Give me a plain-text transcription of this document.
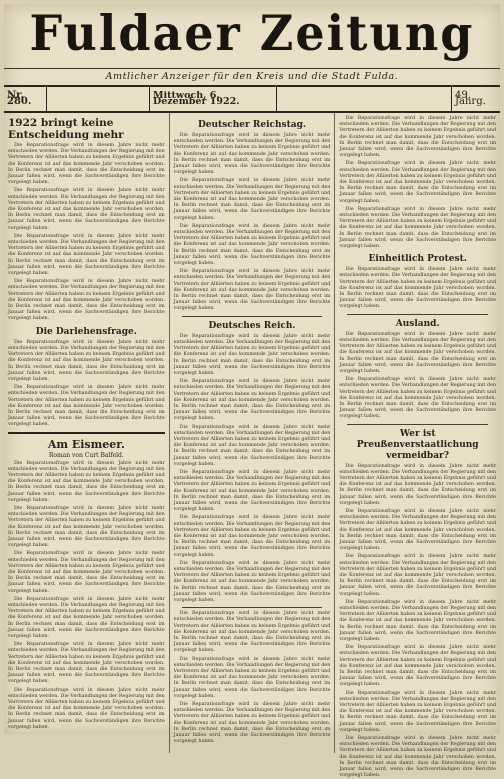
Fuldaer Zeitung
Amtlicher Anzeiger für den Kreis und die Stadt Fulda.
Nr. 280.
Mittwoch, 6. Dezember 1922.
49. Jahrg.
1922 bringt keine Entscheidung mehr

Die Reparationsfrage wird in diesem Jahre nicht mehr entschieden werden. Die Verhandlungen der Regierung mit den Vertretern der Alliierten haben zu keinem Ergebnis geführt und die Konferenz ist auf das kommende Jahr verschoben worden. In Berlin rechnet man damit, dass die Entscheidung erst im Januar fallen wird, wenn die Sachverständigen ihre Berichte vorgelegt haben.

Die Reparationsfrage wird in diesem Jahre nicht mehr entschieden werden. Die Verhandlungen der Regierung mit den Vertretern der Alliierten haben zu keinem Ergebnis geführt und die Konferenz ist auf das kommende Jahr verschoben worden. In Berlin rechnet man damit, dass die Entscheidung erst im Januar fallen wird, wenn die Sachverständigen ihre Berichte vorgelegt haben.

Die Reparationsfrage wird in diesem Jahre nicht mehr entschieden werden. Die Verhandlungen der Regierung mit den Vertretern der Alliierten haben zu keinem Ergebnis geführt und die Konferenz ist auf das kommende Jahr verschoben worden. In Berlin rechnet man damit, dass die Entscheidung erst im Januar fallen wird, wenn die Sachverständigen ihre Berichte vorgelegt haben.

Die Reparationsfrage wird in diesem Jahre nicht mehr entschieden werden. Die Verhandlungen der Regierung mit den Vertretern der Alliierten haben zu keinem Ergebnis geführt und die Konferenz ist auf das kommende Jahr verschoben worden. In Berlin rechnet man damit, dass die Entscheidung erst im Januar fallen wird, wenn die Sachverständigen ihre Berichte vorgelegt haben.

Die Darlehensfrage.

Die Reparationsfrage wird in diesem Jahre nicht mehr entschieden werden. Die Verhandlungen der Regierung mit den Vertretern der Alliierten haben zu keinem Ergebnis geführt und die Konferenz ist auf das kommende Jahr verschoben worden. In Berlin rechnet man damit, dass die Entscheidung erst im Januar fallen wird, wenn die Sachverständigen ihre Berichte vorgelegt haben.

Die Reparationsfrage wird in diesem Jahre nicht mehr entschieden werden. Die Verhandlungen der Regierung mit den Vertretern der Alliierten haben zu keinem Ergebnis geführt und die Konferenz ist auf das kommende Jahr verschoben worden. In Berlin rechnet man damit, dass die Entscheidung erst im Januar fallen wird, wenn die Sachverständigen ihre Berichte vorgelegt haben.

Am Eismeer.
Roman von Curt Balfeld.

Die Reparationsfrage wird in diesem Jahre nicht mehr entschieden werden. Die Verhandlungen der Regierung mit den Vertretern der Alliierten haben zu keinem Ergebnis geführt und die Konferenz ist auf das kommende Jahr verschoben worden. In Berlin rechnet man damit, dass die Entscheidung erst im Januar fallen wird, wenn die Sachverständigen ihre Berichte vorgelegt haben.

Die Reparationsfrage wird in diesem Jahre nicht mehr entschieden werden. Die Verhandlungen der Regierung mit den Vertretern der Alliierten haben zu keinem Ergebnis geführt und die Konferenz ist auf das kommende Jahr verschoben worden. In Berlin rechnet man damit, dass die Entscheidung erst im Januar fallen wird, wenn die Sachverständigen ihre Berichte vorgelegt haben.

Die Reparationsfrage wird in diesem Jahre nicht mehr entschieden werden. Die Verhandlungen der Regierung mit den Vertretern der Alliierten haben zu keinem Ergebnis geführt und die Konferenz ist auf das kommende Jahr verschoben worden. In Berlin rechnet man damit, dass die Entscheidung erst im Januar fallen wird, wenn die Sachverständigen ihre Berichte vorgelegt haben.

Die Reparationsfrage wird in diesem Jahre nicht mehr entschieden werden. Die Verhandlungen der Regierung mit den Vertretern der Alliierten haben zu keinem Ergebnis geführt und die Konferenz ist auf das kommende Jahr verschoben worden. In Berlin rechnet man damit, dass die Entscheidung erst im Januar fallen wird, wenn die Sachverständigen ihre Berichte vorgelegt haben.

Die Reparationsfrage wird in diesem Jahre nicht mehr entschieden werden. Die Verhandlungen der Regierung mit den Vertretern der Alliierten haben zu keinem Ergebnis geführt und die Konferenz ist auf das kommende Jahr verschoben worden. In Berlin rechnet man damit, dass die Entscheidung erst im Januar fallen wird, wenn die Sachverständigen ihre Berichte vorgelegt haben.

Die Reparationsfrage wird in diesem Jahre nicht mehr entschieden werden. Die Verhandlungen der Regierung mit den Vertretern der Alliierten haben zu keinem Ergebnis geführt und die Konferenz ist auf das kommende Jahr verschoben worden. In Berlin rechnet man damit, dass die Entscheidung erst im Januar fallen wird, wenn die Sachverständigen ihre Berichte vorgelegt haben.

Deutscher Reichstag.

Die Reparationsfrage wird in diesem Jahre nicht mehr entschieden werden. Die Verhandlungen der Regierung mit den Vertretern der Alliierten haben zu keinem Ergebnis geführt und die Konferenz ist auf das kommende Jahr verschoben worden. In Berlin rechnet man damit, dass die Entscheidung erst im Januar fallen wird, wenn die Sachverständigen ihre Berichte vorgelegt haben.

Die Reparationsfrage wird in diesem Jahre nicht mehr entschieden werden. Die Verhandlungen der Regierung mit den Vertretern der Alliierten haben zu keinem Ergebnis geführt und die Konferenz ist auf das kommende Jahr verschoben worden. In Berlin rechnet man damit, dass die Entscheidung erst im Januar fallen wird, wenn die Sachverständigen ihre Berichte vorgelegt haben.

Die Reparationsfrage wird in diesem Jahre nicht mehr entschieden werden. Die Verhandlungen der Regierung mit den Vertretern der Alliierten haben zu keinem Ergebnis geführt und die Konferenz ist auf das kommende Jahr verschoben worden. In Berlin rechnet man damit, dass die Entscheidung erst im Januar fallen wird, wenn die Sachverständigen ihre Berichte vorgelegt haben.

Die Reparationsfrage wird in diesem Jahre nicht mehr entschieden werden. Die Verhandlungen der Regierung mit den Vertretern der Alliierten haben zu keinem Ergebnis geführt und die Konferenz ist auf das kommende Jahr verschoben worden. In Berlin rechnet man damit, dass die Entscheidung erst im Januar fallen wird, wenn die Sachverständigen ihre Berichte vorgelegt haben.

Deutsches Reich.

Die Reparationsfrage wird in diesem Jahre nicht mehr entschieden werden. Die Verhandlungen der Regierung mit den Vertretern der Alliierten haben zu keinem Ergebnis geführt und die Konferenz ist auf das kommende Jahr verschoben worden. In Berlin rechnet man damit, dass die Entscheidung erst im Januar fallen wird, wenn die Sachverständigen ihre Berichte vorgelegt haben.

Die Reparationsfrage wird in diesem Jahre nicht mehr entschieden werden. Die Verhandlungen der Regierung mit den Vertretern der Alliierten haben zu keinem Ergebnis geführt und die Konferenz ist auf das kommende Jahr verschoben worden. In Berlin rechnet man damit, dass die Entscheidung erst im Januar fallen wird, wenn die Sachverständigen ihre Berichte vorgelegt haben.

Die Reparationsfrage wird in diesem Jahre nicht mehr entschieden werden. Die Verhandlungen der Regierung mit den Vertretern der Alliierten haben zu keinem Ergebnis geführt und die Konferenz ist auf das kommende Jahr verschoben worden. In Berlin rechnet man damit, dass die Entscheidung erst im Januar fallen wird, wenn die Sachverständigen ihre Berichte vorgelegt haben.

Die Reparationsfrage wird in diesem Jahre nicht mehr entschieden werden. Die Verhandlungen der Regierung mit den Vertretern der Alliierten haben zu keinem Ergebnis geführt und die Konferenz ist auf das kommende Jahr verschoben worden. In Berlin rechnet man damit, dass die Entscheidung erst im Januar fallen wird, wenn die Sachverständigen ihre Berichte vorgelegt haben.

Die Reparationsfrage wird in diesem Jahre nicht mehr entschieden werden. Die Verhandlungen der Regierung mit den Vertretern der Alliierten haben zu keinem Ergebnis geführt und die Konferenz ist auf das kommende Jahr verschoben worden. In Berlin rechnet man damit, dass die Entscheidung erst im Januar fallen wird, wenn die Sachverständigen ihre Berichte vorgelegt haben.

Die Reparationsfrage wird in diesem Jahre nicht mehr entschieden werden. Die Verhandlungen der Regierung mit den Vertretern der Alliierten haben zu keinem Ergebnis geführt und die Konferenz ist auf das kommende Jahr verschoben worden. In Berlin rechnet man damit, dass die Entscheidung erst im Januar fallen wird, wenn die Sachverständigen ihre Berichte vorgelegt haben.

Die Reparationsfrage wird in diesem Jahre nicht mehr entschieden werden. Die Verhandlungen der Regierung mit den Vertretern der Alliierten haben zu keinem Ergebnis geführt und die Konferenz ist auf das kommende Jahr verschoben worden. In Berlin rechnet man damit, dass die Entscheidung erst im Januar fallen wird, wenn die Sachverständigen ihre Berichte vorgelegt haben.

Die Reparationsfrage wird in diesem Jahre nicht mehr entschieden werden. Die Verhandlungen der Regierung mit den Vertretern der Alliierten haben zu keinem Ergebnis geführt und die Konferenz ist auf das kommende Jahr verschoben worden. In Berlin rechnet man damit, dass die Entscheidung erst im Januar fallen wird, wenn die Sachverständigen ihre Berichte vorgelegt haben.

Die Reparationsfrage wird in diesem Jahre nicht mehr entschieden werden. Die Verhandlungen der Regierung mit den Vertretern der Alliierten haben zu keinem Ergebnis geführt und die Konferenz ist auf das kommende Jahr verschoben worden. In Berlin rechnet man damit, dass die Entscheidung erst im Januar fallen wird, wenn die Sachverständigen ihre Berichte vorgelegt haben.

Die Reparationsfrage wird in diesem Jahre nicht mehr entschieden werden. Die Verhandlungen der Regierung mit den Vertretern der Alliierten haben zu keinem Ergebnis geführt und die Konferenz ist auf das kommende Jahr verschoben worden. In Berlin rechnet man damit, dass die Entscheidung erst im Januar fallen wird, wenn die Sachverständigen ihre Berichte vorgelegt haben.

Die Reparationsfrage wird in diesem Jahre nicht mehr entschieden werden. Die Verhandlungen der Regierung mit den Vertretern der Alliierten haben zu keinem Ergebnis geführt und die Konferenz ist auf das kommende Jahr verschoben worden. In Berlin rechnet man damit, dass die Entscheidung erst im Januar fallen wird, wenn die Sachverständigen ihre Berichte vorgelegt haben.

Die Reparationsfrage wird in diesem Jahre nicht mehr entschieden werden. Die Verhandlungen der Regierung mit den Vertretern der Alliierten haben zu keinem Ergebnis geführt und die Konferenz ist auf das kommende Jahr verschoben worden. In Berlin rechnet man damit, dass die Entscheidung erst im Januar fallen wird, wenn die Sachverständigen ihre Berichte vorgelegt haben.

Einheitlich Protest.

Die Reparationsfrage wird in diesem Jahre nicht mehr entschieden werden. Die Verhandlungen der Regierung mit den Vertretern der Alliierten haben zu keinem Ergebnis geführt und die Konferenz ist auf das kommende Jahr verschoben worden. In Berlin rechnet man damit, dass die Entscheidung erst im Januar fallen wird, wenn die Sachverständigen ihre Berichte vorgelegt haben.

Ausland.

Die Reparationsfrage wird in diesem Jahre nicht mehr entschieden werden. Die Verhandlungen der Regierung mit den Vertretern der Alliierten haben zu keinem Ergebnis geführt und die Konferenz ist auf das kommende Jahr verschoben worden. In Berlin rechnet man damit, dass die Entscheidung erst im Januar fallen wird, wenn die Sachverständigen ihre Berichte vorgelegt haben.

Die Reparationsfrage wird in diesem Jahre nicht mehr entschieden werden. Die Verhandlungen der Regierung mit den Vertretern der Alliierten haben zu keinem Ergebnis geführt und die Konferenz ist auf das kommende Jahr verschoben worden. In Berlin rechnet man damit, dass die Entscheidung erst im Januar fallen wird, wenn die Sachverständigen ihre Berichte vorgelegt haben.

Wer ist Preußenverstaatlichung vermeidbar?

Die Reparationsfrage wird in diesem Jahre nicht mehr entschieden werden. Die Verhandlungen der Regierung mit den Vertretern der Alliierten haben zu keinem Ergebnis geführt und die Konferenz ist auf das kommende Jahr verschoben worden. In Berlin rechnet man damit, dass die Entscheidung erst im Januar fallen wird, wenn die Sachverständigen ihre Berichte vorgelegt haben.

Die Reparationsfrage wird in diesem Jahre nicht mehr entschieden werden. Die Verhandlungen der Regierung mit den Vertretern der Alliierten haben zu keinem Ergebnis geführt und die Konferenz ist auf das kommende Jahr verschoben worden. In Berlin rechnet man damit, dass die Entscheidung erst im Januar fallen wird, wenn die Sachverständigen ihre Berichte vorgelegt haben.

Die Reparationsfrage wird in diesem Jahre nicht mehr entschieden werden. Die Verhandlungen der Regierung mit den Vertretern der Alliierten haben zu keinem Ergebnis geführt und die Konferenz ist auf das kommende Jahr verschoben worden. In Berlin rechnet man damit, dass die Entscheidung erst im Januar fallen wird, wenn die Sachverständigen ihre Berichte vorgelegt haben.

Die Reparationsfrage wird in diesem Jahre nicht mehr entschieden werden. Die Verhandlungen der Regierung mit den Vertretern der Alliierten haben zu keinem Ergebnis geführt und die Konferenz ist auf das kommende Jahr verschoben worden. In Berlin rechnet man damit, dass die Entscheidung erst im Januar fallen wird, wenn die Sachverständigen ihre Berichte vorgelegt haben.

Die Reparationsfrage wird in diesem Jahre nicht mehr entschieden werden. Die Verhandlungen der Regierung mit den Vertretern der Alliierten haben zu keinem Ergebnis geführt und die Konferenz ist auf das kommende Jahr verschoben worden. In Berlin rechnet man damit, dass die Entscheidung erst im Januar fallen wird, wenn die Sachverständigen ihre Berichte vorgelegt haben.

Die Reparationsfrage wird in diesem Jahre nicht mehr entschieden werden. Die Verhandlungen der Regierung mit den Vertretern der Alliierten haben zu keinem Ergebnis geführt und die Konferenz ist auf das kommende Jahr verschoben worden. In Berlin rechnet man damit, dass die Entscheidung erst im Januar fallen wird, wenn die Sachverständigen ihre Berichte vorgelegt haben.

Die Reparationsfrage wird in diesem Jahre nicht mehr entschieden werden. Die Verhandlungen der Regierung mit den Vertretern der Alliierten haben zu keinem Ergebnis geführt und die Konferenz ist auf das kommende Jahr verschoben worden. In Berlin rechnet man damit, dass die Entscheidung erst im Januar fallen wird, wenn die Sachverständigen ihre Berichte vorgelegt haben.
